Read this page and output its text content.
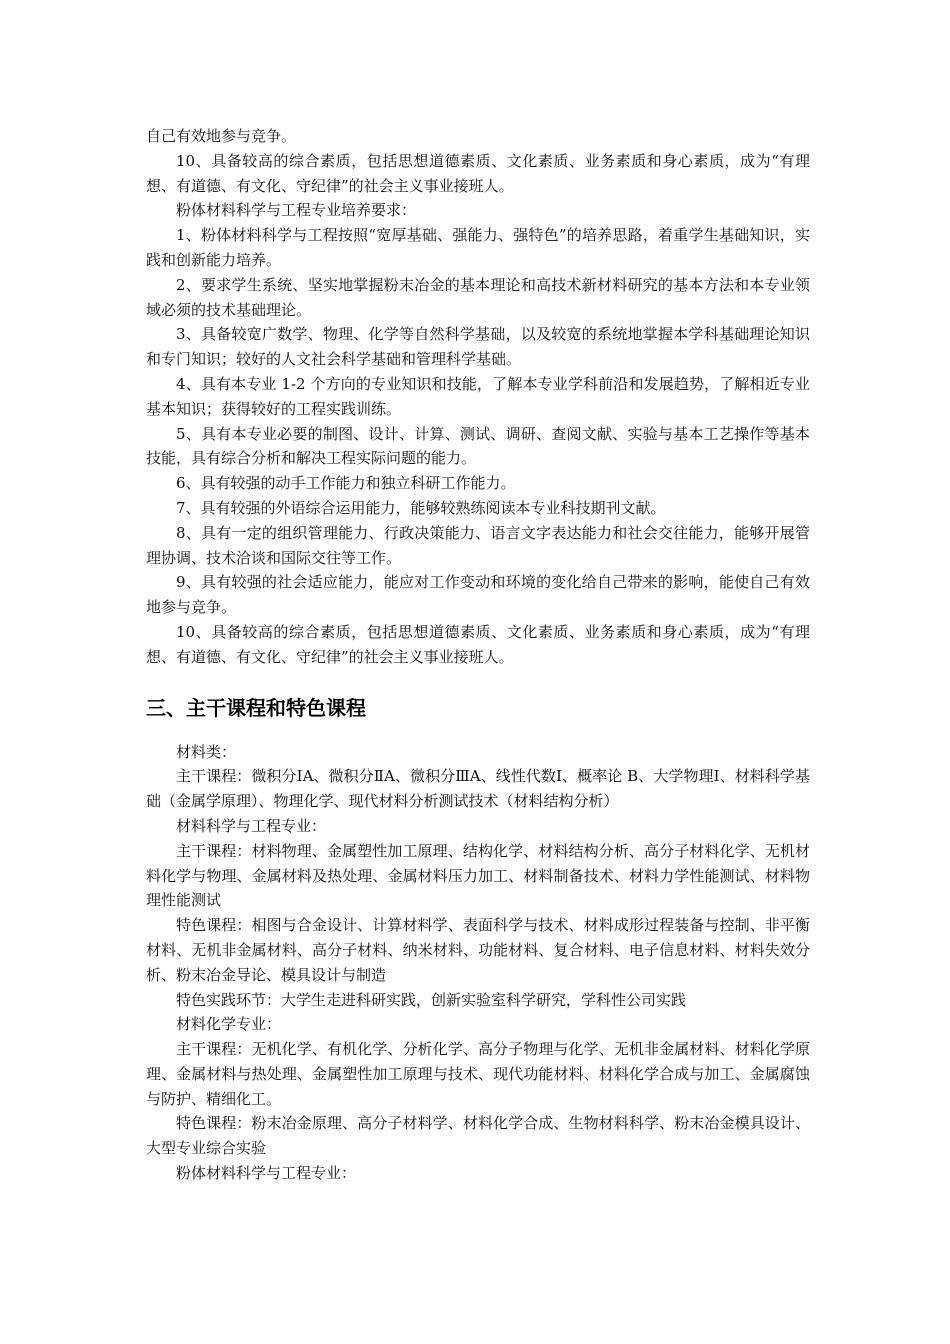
自己有效地参与竞争。

10、具备较高的综合素质，包括思想道德素质、文化素质、业务素质和身心素质，成为“有理想、有道德、有文化、守纪律”的社会主义事业接班人。

粉体材料科学与工程专业培养要求：

1、粉体材料科学与工程按照“宽厚基础、强能力、强特色”的培养思路，着重学生基础知识，实践和创新能力培养。

2、要求学生系统、坚实地掌握粉末冶金的基本理论和高技术新材料研究的基本方法和本专业领域必须的技术基础理论。

3、具备较宽广数学、物理、化学等自然科学基础，以及较宽的系统地掌握本学科基础理论知识和专门知识；较好的人文社会科学基础和管理科学基础。

4、具有本专业 1-2 个方向的专业知识和技能，了解本专业学科前沿和发展趋势，了解相近专业基本知识；获得较好的工程实践训练。

5、具有本专业必要的制图、设计、计算、测试、调研、查阅文献、实验与基本工艺操作等基本技能，具有综合分析和解决工程实际问题的能力。

6、具有较强的动手工作能力和独立科研工作能力。

7、具有较强的外语综合运用能力，能够较熟练阅读本专业科技期刊文献。

8、具有一定的组织管理能力、行政决策能力、语言文字表达能力和社会交往能力，能够开展管理协调、技术洽谈和国际交往等工作。

9、具有较强的社会适应能力，能应对工作变动和环境的变化给自己带来的影响，能使自己有效地参与竞争。

10、具备较高的综合素质，包括思想道德素质、文化素质、业务素质和身心素质，成为“有理想、有道德、有文化、守纪律”的社会主义事业接班人。

三、主干课程和特色课程

材料类：

主干课程：微积分ⅠA、微积分ⅡA、微积分ⅢA、线性代数Ⅰ、概率论 B、大学物理Ⅰ、材料科学基础（金属学原理）、物理化学、现代材料分析测试技术（材料结构分析）

材料科学与工程专业：

主干课程：材料物理、金属塑性加工原理、结构化学、材料结构分析、高分子材料化学、无机材料化学与物理、金属材料及热处理、金属材料压力加工、材料制备技术、材料力学性能测试、材料物理性能测试

特色课程：相图与合金设计、计算材料学、表面科学与技术、材料成形过程装备与控制、非平衡材料、无机非金属材料、高分子材料、纳米材料、功能材料、复合材料、电子信息材料、材料失效分析、粉末冶金导论、模具设计与制造

特色实践环节：大学生走进科研实践，创新实验室科学研究，学科性公司实践

材料化学专业：

主干课程：无机化学、有机化学、分析化学、高分子物理与化学、无机非金属材料、材料化学原理、金属材料与热处理、金属塑性加工原理与技术、现代功能材料、材料化学合成与加工、金属腐蚀与防护、精细化工。

特色课程：粉末冶金原理、高分子材料学、材料化学合成、生物材料科学、粉末冶金模具设计、大型专业综合实验

粉体材料科学与工程专业：
